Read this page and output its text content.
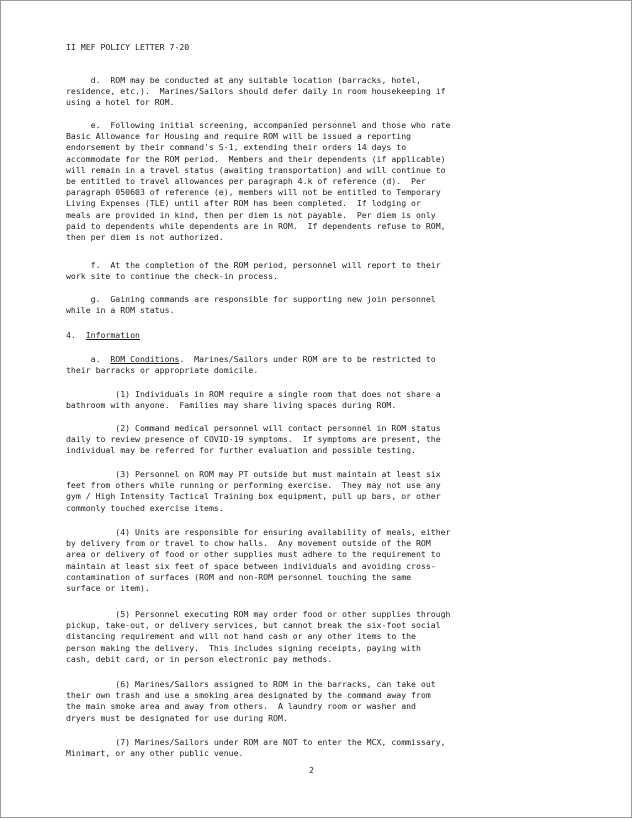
II MEF POLICY LETTER 7-20
d.  ROM may be conducted at any suitable location (barracks, hotel,
residence, etc.).  Marines/Sailors should defer daily in room housekeeping if
using a hotel for ROM.
e.  Following initial screening, accompanied personnel and those who rate
Basic Allowance for Housing and require ROM will be issued a reporting
endorsement by their command's S-1, extending their orders 14 days to
accommodate for the ROM period.  Members and their dependents (if applicable)
will remain in a travel status (awaiting transportation) and will continue to
be entitled to travel allowances per paragraph 4.k of reference (d).  Per
paragraph 050603 of reference (e), members will not be entitled to Temporary
Living Expenses (TLE) until after ROM has been completed.  If lodging or
meals are provided in kind, then per diem is not payable.  Per diem is only
paid to dependents while dependents are in ROM.  If dependents refuse to ROM,
then per diem is not authorized.
f.  At the completion of the ROM period, personnel will report to their
work site to continue the check-in process.
g.  Gaining commands are responsible for supporting new join personnel
while in a ROM status.
4.  Information
a.  ROM Conditions.  Marines/Sailors under ROM are to be restricted to
their barracks or appropriate domicile.
(1) Individuals in ROM require a single room that does not share a
bathroom with anyone.  Families may share living spaces during ROM.
(2) Command medical personnel will contact personnel in ROM status
daily to review presence of COVID-19 symptoms.  If symptoms are present, the
individual may be referred for further evaluation and possible testing.
(3) Personnel on ROM may PT outside but must maintain at least six
feet from others while running or performing exercise.  They may not use any
gym / High Intensity Tactical Training box equipment, pull up bars, or other
commonly touched exercise items.
(4) Units are responsible for ensuring availability of meals, either
by delivery from or travel to chow halls.  Any movement outside of the ROM
area or delivery of food or other supplies must adhere to the requirement to
maintain at least six feet of space between individuals and avoiding cross-
contamination of surfaces (ROM and non-ROM personnel touching the same
surface or item).
(5) Personnel executing ROM may order food or other supplies through
pickup, take-out, or delivery services, but cannot break the six-foot social
distancing requirement and will not hand cash or any other items to the
person making the delivery.  This includes signing receipts, paying with
cash, debit card, or in person electronic pay methods.
(6) Marines/Sailors assigned to ROM in the barracks, can take out
their own trash and use a smoking area designated by the command away from
the main smoke area and away from others.  A laundry room or washer and
dryers must be designated for use during ROM.
(7) Marines/Sailors under ROM are NOT to enter the MCX, commissary,
Minimart, or any other public venue.
2
